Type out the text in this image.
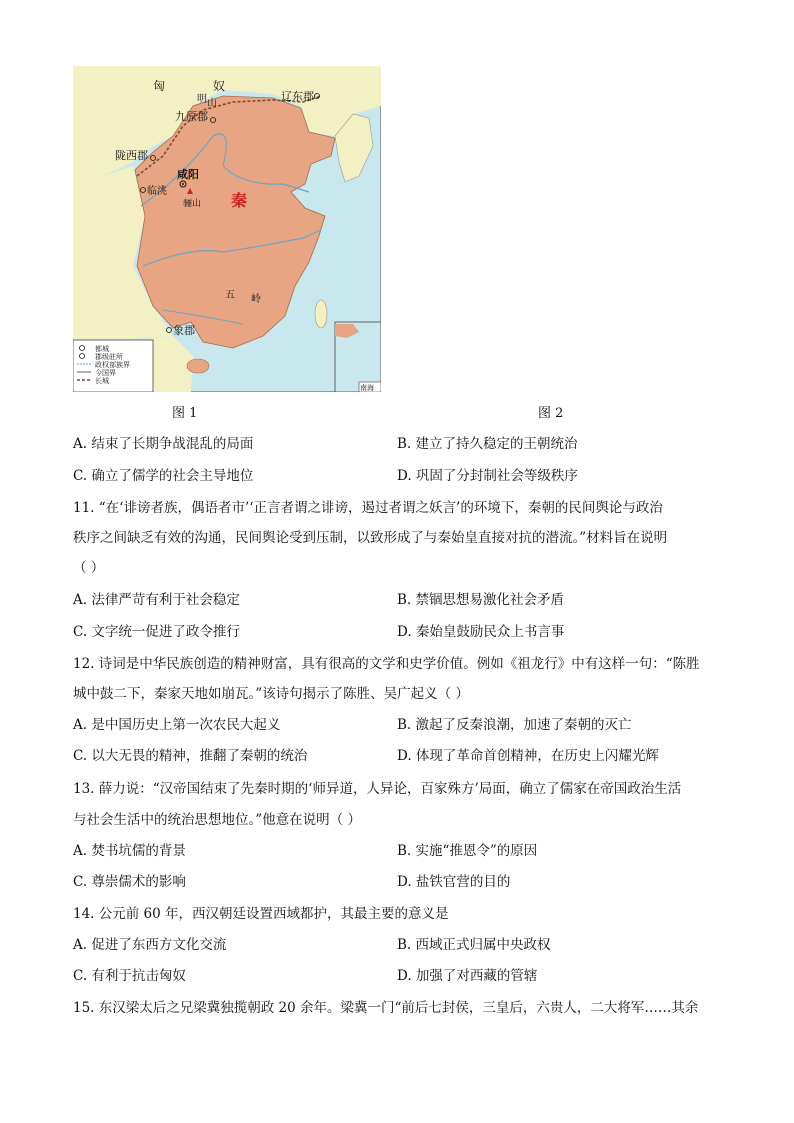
匈	奴
明 山
辽东郡
九原郡
陇西郡
咸阳
临洮
骊山 秦
五 岭
象郡
南海
都城
郡级驻所
政权部族界
今国界
长城
图 1	图 2
A. 结束了长期争战混乱的局面	B. 建立了持久稳定的王朝统治
C. 确立了儒学的社会主导地位	D. 巩固了分封制社会等级秩序
11. “在‘诽谤者族，偶语者市’‘正言者谓之诽谤，遏过者谓之妖言’的环境下，秦朝的民间舆论与政治
秩序之间缺乏有效的沟通，民间舆论受到压制，以致形成了与秦始皇直接对抗的潜流。”材料旨在说明
（ ）
A. 法律严苛有利于社会稳定	B. 禁锢思想易激化社会矛盾
C. 文字统一促进了政令推行	D. 秦始皇鼓励民众上书言事
12. 诗词是中华民族创造的精神财富，具有很高的文学和史学价值。例如《祖龙行》中有这样一句：“陈胜
城中鼓二下，秦家天地如崩瓦。”该诗句揭示了陈胜、吴广起义（ ）
A. 是中国历史上第一次农民大起义	B. 激起了反秦浪潮，加速了秦朝的灭亡
C. 以大无畏的精神，推翻了秦朝的统治	D. 体现了革命首创精神，在历史上闪耀光辉
13. 薛力说：“汉帝国结束了先秦时期的‘师异道，人异论，百家殊方’局面，确立了儒家在帝国政治生活
与社会生活中的统治思想地位。”他意在说明（ ）
A. 焚书坑儒的背景	B. 实施“推恩令”的原因
C. 尊崇儒术的影响	D. 盐铁官营的目的
14. 公元前 60 年，西汉朝廷设置西域都护，其最主要的意义是
A. 促进了东西方文化交流	B. 西域正式归属中央政权
C. 有利于抗击匈奴	D. 加强了对西藏的管辖
15. 东汉梁太后之兄梁冀独揽朝政 20 余年。梁冀一门“前后七封侯，三皇后，六贵人，二大将军……其余
